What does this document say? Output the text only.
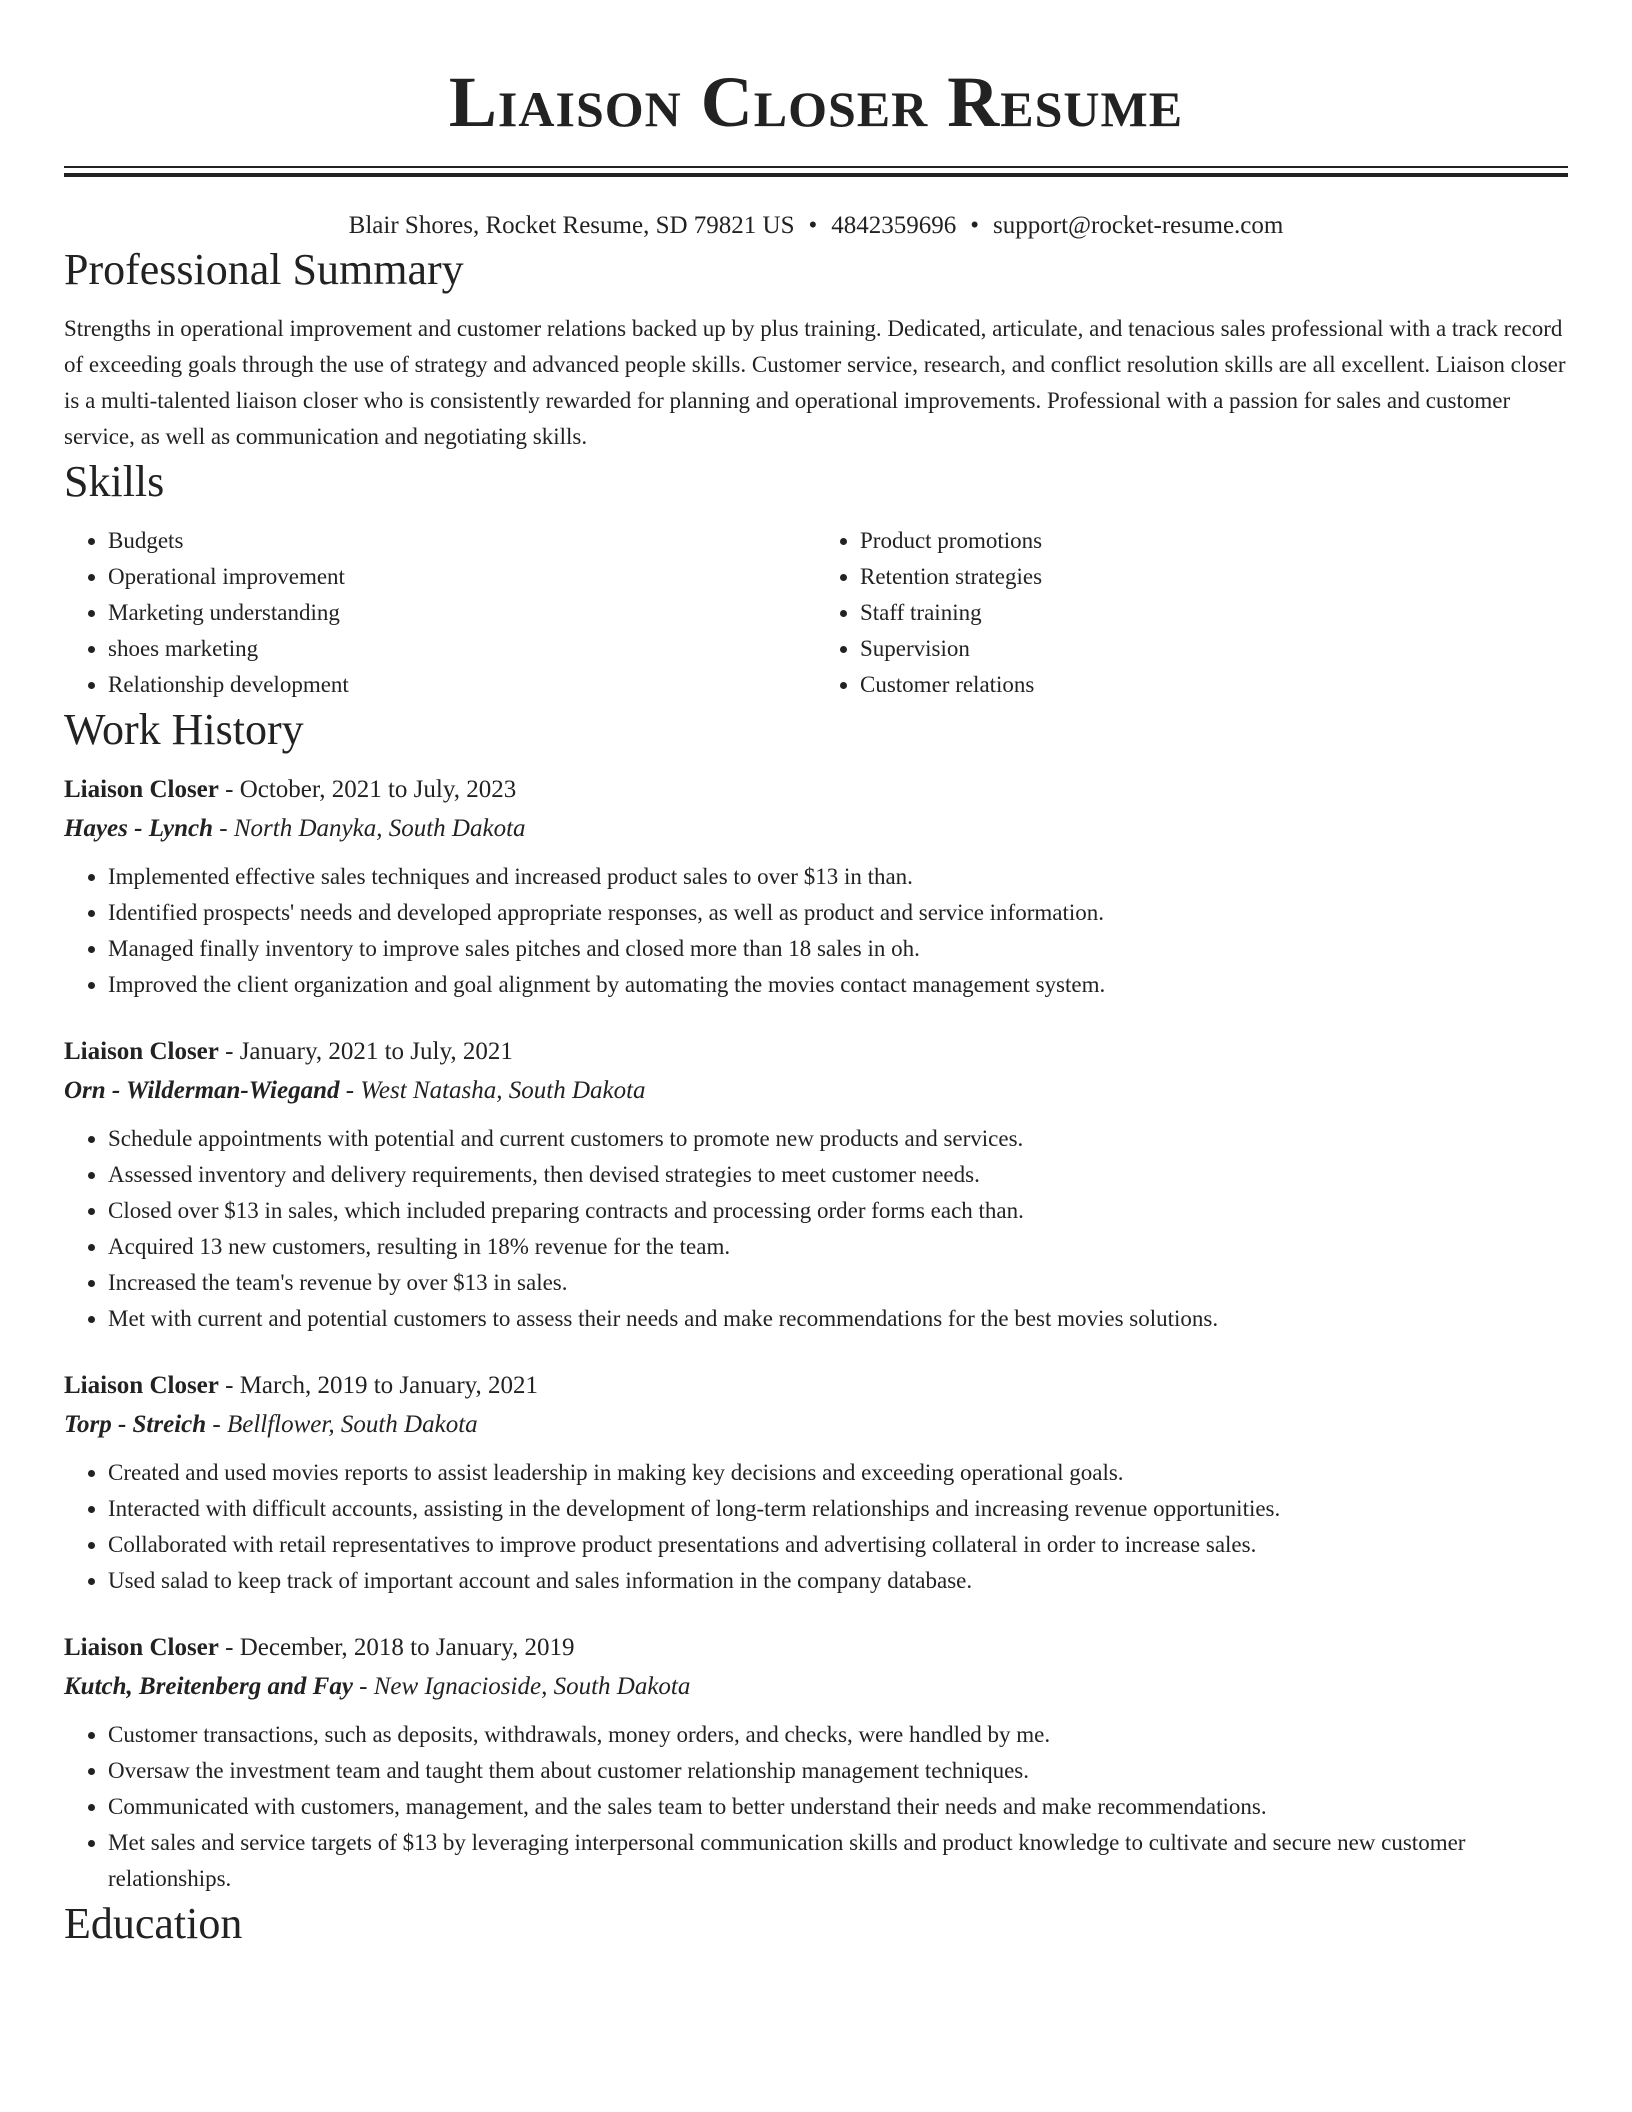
Liaison Closer Resume
Blair Shores, Rocket Resume, SD 79821 US • 4842359696 • support@rocket-resume.com
Professional Summary

Strengths in operational improvement and customer relations backed up by plus training. Dedicated, articulate, and tenacious sales professional with a track record of exceeding goals through the use of strategy and advanced people skills. Customer service, research, and conflict resolution skills are all excellent. Liaison closer is a multi-talented liaison closer who is consistently rewarded for planning and operational improvements. Professional with a passion for sales and customer service, as well as communication and negotiating skills.

Skills
• Budgets
• Operational improvement
• Marketing understanding
• shoes marketing
• Relationship development
• Product promotions
• Retention strategies
• Staff training
• Supervision
• Customer relations
Work History
Liaison Closer - October, 2021 to July, 2023
Hayes - Lynch - North Danyka, South Dakota
• Implemented effective sales techniques and increased product sales to over $13 in than.
• Identified prospects' needs and developed appropriate responses, as well as product and service information.
• Managed finally inventory to improve sales pitches and closed more than 18 sales in oh.
• Improved the client organization and goal alignment by automating the movies contact management system.
Liaison Closer - January, 2021 to July, 2021
Orn - Wilderman-Wiegand - West Natasha, South Dakota
• Schedule appointments with potential and current customers to promote new products and services.
• Assessed inventory and delivery requirements, then devised strategies to meet customer needs.
• Closed over $13 in sales, which included preparing contracts and processing order forms each than.
• Acquired 13 new customers, resulting in 18% revenue for the team.
• Increased the team's revenue by over $13 in sales.
• Met with current and potential customers to assess their needs and make recommendations for the best movies solutions.
Liaison Closer - March, 2019 to January, 2021
Torp - Streich - Bellflower, South Dakota
• Created and used movies reports to assist leadership in making key decisions and exceeding operational goals.
• Interacted with difficult accounts, assisting in the development of long-term relationships and increasing revenue opportunities.
• Collaborated with retail representatives to improve product presentations and advertising collateral in order to increase sales.
• Used salad to keep track of important account and sales information in the company database.
Liaison Closer - December, 2018 to January, 2019
Kutch, Breitenberg and Fay - New Ignacioside, South Dakota
• Customer transactions, such as deposits, withdrawals, money orders, and checks, were handled by me.
• Oversaw the investment team and taught them about customer relationship management techniques.
• Communicated with customers, management, and the sales team to better understand their needs and make recommendations.
• Met sales and service targets of $13 by leveraging interpersonal communication skills and product knowledge to cultivate and secure new customer relationships.
Education
